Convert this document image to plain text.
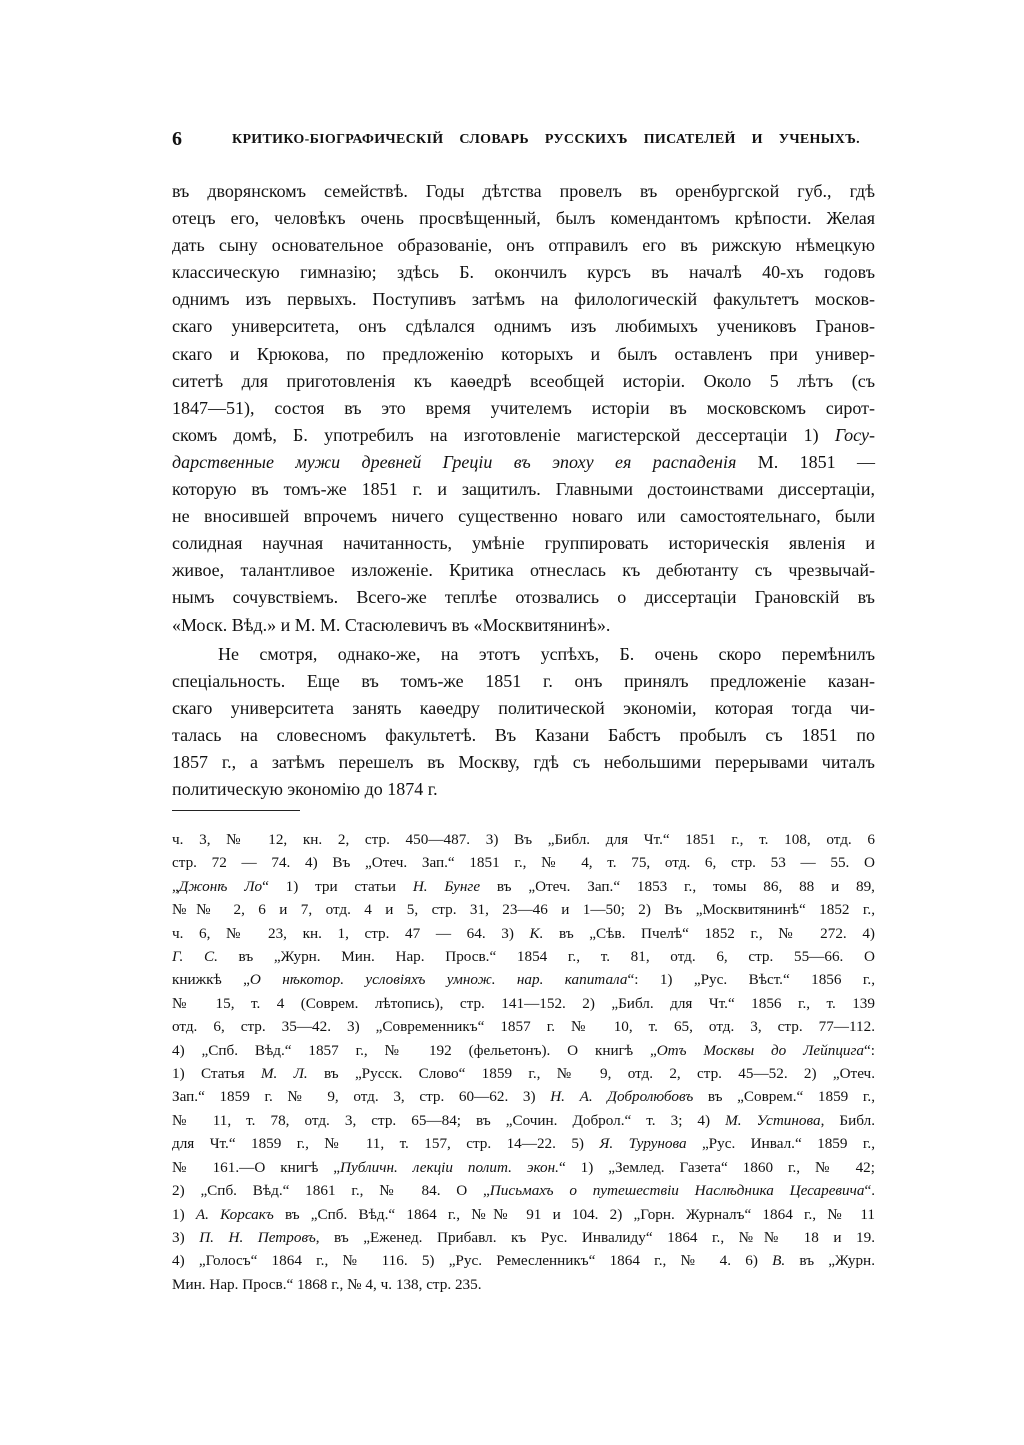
6	КРИТИКО-БІОГРАФИЧЕСКІЙ СЛОВАРЬ РУССКИХЪ ПИСАТЕЛЕЙ И УЧЕНЫХЪ.
въ дворянскомъ семействѣ. Годы дѣтства провелъ въ оренбургской губ., гдѣ
отецъ его, человѣкъ очень просвѣщенный, былъ комендантомъ крѣпости. Желая
дать сыну основательное образованіе, онъ отправилъ его въ рижскую нѣмецкую
классическую гимназію; здѣсь Б. окончилъ курсъ въ началѣ 40-хъ годовъ
однимъ изъ первыхъ. Поступивъ затѣмъ на филологическій факультетъ москов-
скаго университета, онъ сдѣлался однимъ изъ любимыхъ учениковъ Гранов-
скаго и Крюкова, по предложенію которыхъ и былъ оставленъ при универ-
ситетѣ для приготовленія къ каѳедрѣ всеобщей исторіи. Около 5 лѣтъ (съ
1847—51), состоя въ это время учителемъ исторіи въ московскомъ сирот-
скомъ домѣ, Б. употребилъ на изготовленіе магистерской дессертаціи 1) Госу-
дарственные мужи древней Греціи въ эпоху ея распаденія М. 1851 —
которую въ томъ-же 1851 г. и защитилъ. Главными достоинствами диссертаціи,
не вносившей впрочемъ ничего существенно новаго или самостоятельнаго, были
солидная научная начитанность, умѣніе группировать историческія явленія и
живое, талантливое изложеніе. Критика отнеслась къ дебютанту съ чрезвычай-
нымъ сочувствіемъ. Всего-же теплѣе отозвались о диссертаціи Грановскій въ
«Моск. Вѣд.» и М. М. Стасюлевичъ въ «Москвитянинѣ».
Не смотря, однако-же, на этотъ успѣхъ, Б. очень скоро перемѣнилъ
спеціальность. Еще въ томъ-же 1851 г. онъ принялъ предложеніе казан-
скаго университета занять каѳедру политической экономіи, которая тогда чи-
талась на словесномъ факультетѣ. Въ Казани Бабстъ пробылъ съ 1851 по
1857 г., а затѣмъ перешелъ въ Москву, гдѣ съ небольшими перерывами читалъ
политическую экономію до 1874 г.
ч. 3, № 12, кн. 2, стр. 450—487. 3) Въ „Библ. для Чт.“ 1851 г., т. 108, отд. 6
стр. 72 — 74. 4) Въ „Отеч. Зап.“ 1851 г., № 4, т. 75, отд. 6, стр. 53 — 55. О
„Джонѣ Ло“ 1) три статьи Н. Бунге въ „Отеч. Зап.“ 1853 г., томы 86, 88 и 89,
№№ 2, 6 и 7, отд. 4 и 5, стр. 31, 23—46 и 1—50; 2) Въ „Москвитянинѣ“ 1852 г.,
ч. 6, № 23, кн. 1, стр. 47 — 64. 3) К. въ „Сѣв. Пчелѣ“ 1852 г., № 272. 4)
Г. С. въ „Журн. Мин. Нар. Просв.“ 1854 г., т. 81, отд. 6, стр. 55—66. О
книжкѣ „О нѣкотор. условіяхъ умнож. нар. капитала“: 1) „Рус. Вѣст.“ 1856 г.,
№ 15, т. 4 (Соврем. лѣтопись), стр. 141—152. 2) „Библ. для Чт.“ 1856 г., т. 139
отд. 6, стр. 35—42. 3) „Современникъ“ 1857 г. № 10, т. 65, отд. 3, стр. 77—112.
4) „Спб. Вѣд.“ 1857 г., № 192 (фельетонъ). О книгѣ „Отъ Москвы до Лейпцига“:
1) Статья М. Л. въ „Русск. Слово“ 1859 г., № 9, отд. 2, стр. 45—52. 2) „Отеч.
Зап.“ 1859 г. № 9, отд. 3, стр. 60—62. 3) Н. А. Добролюбовъ въ „Соврем.“ 1859 г.,
№ 11, т. 78, отд. 3, стр. 65—84; въ „Сочин. Доброл.“ т. 3; 4) М. Устинова, Библ.
для Чт.“ 1859 г., № 11, т. 157, стр. 14—22. 5) Я. Турунова „Рус. Инвал.“ 1859 г.,
№ 161.—О книгѣ „Публичн. лекціи полит. экон.“ 1) „Землед. Газета“ 1860 г., № 42;
2) „Спб. Вѣд.“ 1861 г., № 84. О „Письмахъ о путешествіи Наслѣдника Цесаревича“.
1) А. Корсакъ въ „Спб. Вѣд.“ 1864 г., №№ 91 и 104. 2) „Горн. Журналъ“ 1864 г., № 11
3) П. Н. Петровъ, въ „Еженед. Прибавл. къ Рус. Инвалиду“ 1864 г., №№ 18 и 19.
4) „Голосъ“ 1864 г., № 116. 5) „Рус. Ремесленникъ“ 1864 г., № 4. 6) В. въ „Журн.
Мин. Нар. Просв.“ 1868 г., № 4, ч. 138, стр. 235.
